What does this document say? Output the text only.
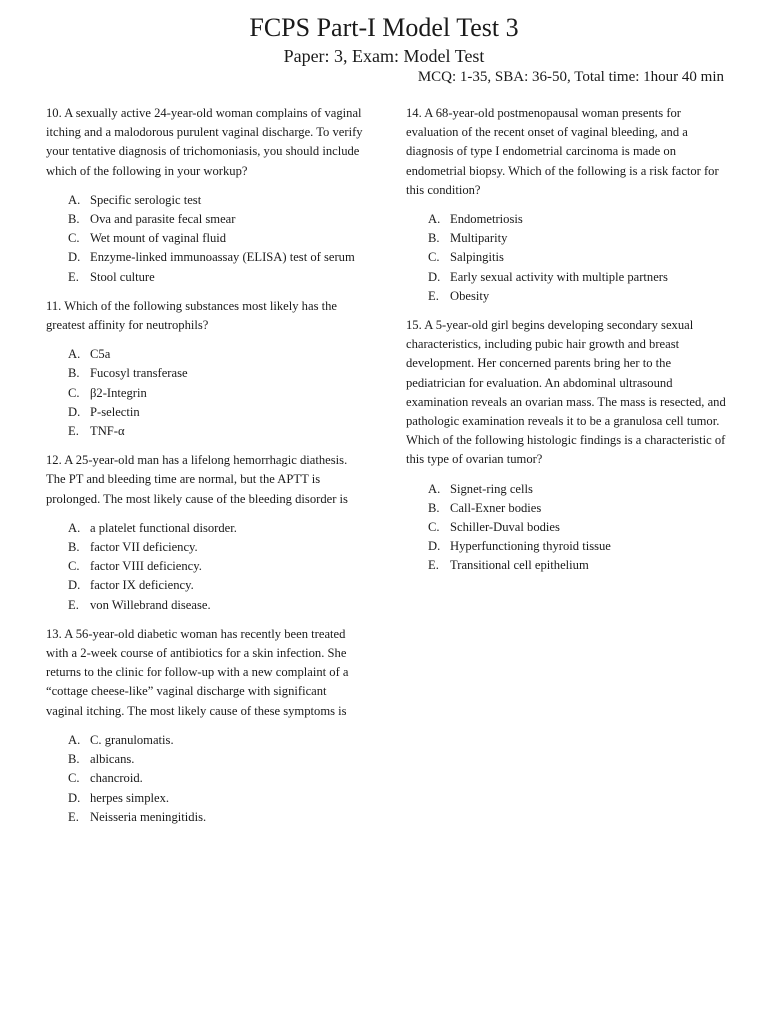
FCPS Part-I Model Test 3
Paper: 3, Exam: Model Test
MCQ: 1-35, SBA: 36-50, Total time: 1hour 40 min

10. A sexually active 24-year-old woman complains of vaginal itching and a malodorous purulent vaginal discharge. To verify your tentative diagnosis of trichomoniasis, you should include which of the following in your workup?

A. Specific serologic test
B. Ova and parasite fecal smear
C. Wet mount of vaginal fluid
D. Enzyme-linked immunoassay (ELISA) test of serum
E. Stool culture

11. Which of the following substances most likely has the greatest affinity for neutrophils?

A. C5a
B. Fucosyl transferase
C. β2-Integrin
D. P-selectin
E. TNF-α

12. A 25-year-old man has a lifelong hemorrhagic diathesis. The PT and bleeding time are normal, but the APTT is prolonged. The most likely cause of the bleeding disorder is

A. a platelet functional disorder.
B. factor VII deficiency.
C. factor VIII deficiency.
D. factor IX deficiency.
E. von Willebrand disease.

13. A 56-year-old diabetic woman has recently been treated with a 2-week course of antibiotics for a skin infection. She returns to the clinic for follow-up with a new complaint of a “cottage cheese-like” vaginal discharge with significant vaginal itching. The most likely cause of these symptoms is

A. C. granulomatis.
B. albicans.
C. chancroid.
D. herpes simplex.
E. Neisseria meningitidis.

14. A 68-year-old postmenopausal woman presents for evaluation of the recent onset of vaginal bleeding, and a diagnosis of type I endometrial carcinoma is made on endometrial biopsy. Which of the following is a risk factor for this condition?

A. Endometriosis
B. Multiparity
C. Salpingitis
D. Early sexual activity with multiple partners
E. Obesity

15. A 5-year-old girl begins developing secondary sexual characteristics, including pubic hair growth and breast development. Her concerned parents bring her to the pediatrician for evaluation. An abdominal ultrasound examination reveals an ovarian mass. The mass is resected, and pathologic examination reveals it to be a granulosa cell tumor. Which of the following histologic findings is a characteristic of this type of ovarian tumor?

A. Signet-ring cells
B. Call-Exner bodies
C. Schiller-Duval bodies
D. Hyperfunctioning thyroid tissue
E. Transitional cell epithelium
